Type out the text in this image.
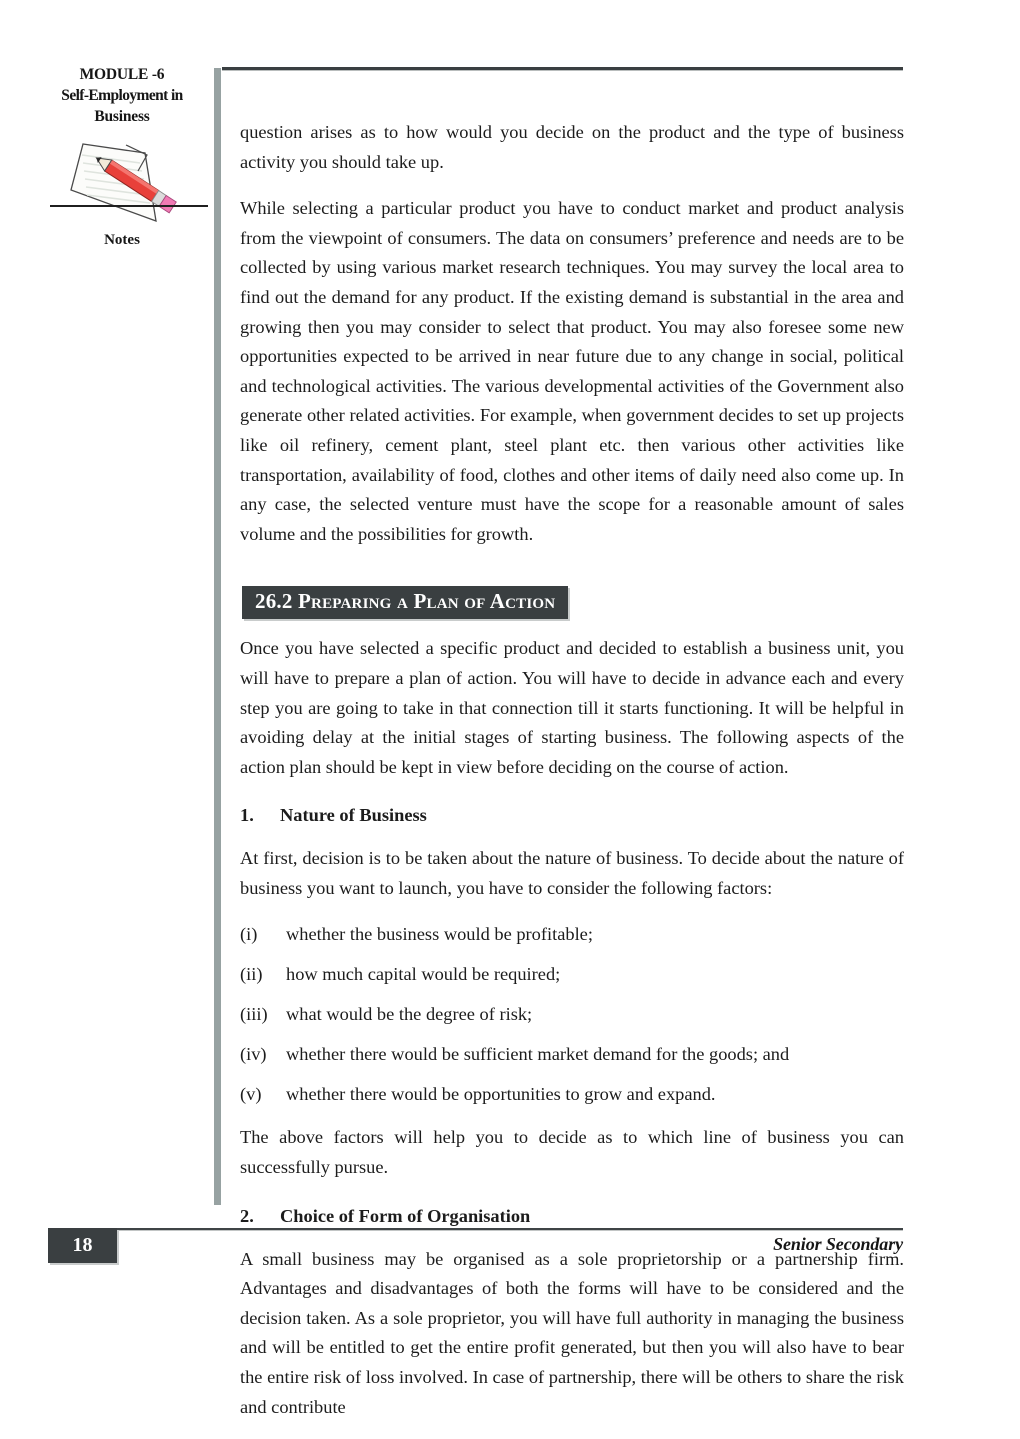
MODULE -6
Self-Employment in
Business
Notes

question arises as to how would you decide on the product and the type of business activity you should take up.

While selecting a particular product you have to conduct market and product analysis from the viewpoint of consumers. The data on consumers’ preference and needs are to be collected by using various market research techniques. You may survey the local area to find out the demand for any product. If the existing demand is substantial in the area and growing then you may consider to select that product. You may also foresee some new opportunities expected to be arrived in near future due to any change in social, political and technological activities. The various developmental activities of the Government also generate other related activities. For example, when government decides to set up projects like oil refinery, cement plant, steel plant etc. then various other activities like transportation, availability of food, clothes and other items of daily need also come up. In any case, the selected venture must have the scope for a reasonable amount of sales volume and the possibilities for growth.

26.2 Preparing a Plan of Action

Once you have selected a specific product and decided to establish a business unit, you will have to prepare a plan of action. You will have to decide in advance each and every step you are going to take in that connection till it starts functioning. It will be helpful in avoiding delay at the initial stages of starting business. The following aspects of the action plan should be kept in view before deciding on the course of action.

1.	Nature of Business

At first, decision is to be taken about the nature of business. To decide about the nature of business you want to launch, you have to consider the following factors:

(i)	whether the business would be profitable;
(ii)	how much capital would be required;
(iii)	what would be the degree of risk;
(iv)	whether there would be sufficient market demand for the goods; and
(v)	whether there would be opportunities to grow and expand.

The above factors will help you to decide as to which line of business you can successfully pursue.

2.	Choice of Form of Organisation

A small business may be organised as a sole proprietorship or a partnership firm. Advantages and disadvantages of both the forms will have to be considered and the decision taken. As a sole proprietor, you will have full authority in managing the business and will be entitled to get the entire profit generated, but then you will also have to bear the entire risk of loss involved. In case of partnership, there will be others to share the risk and contribute

18	Senior Secondary
